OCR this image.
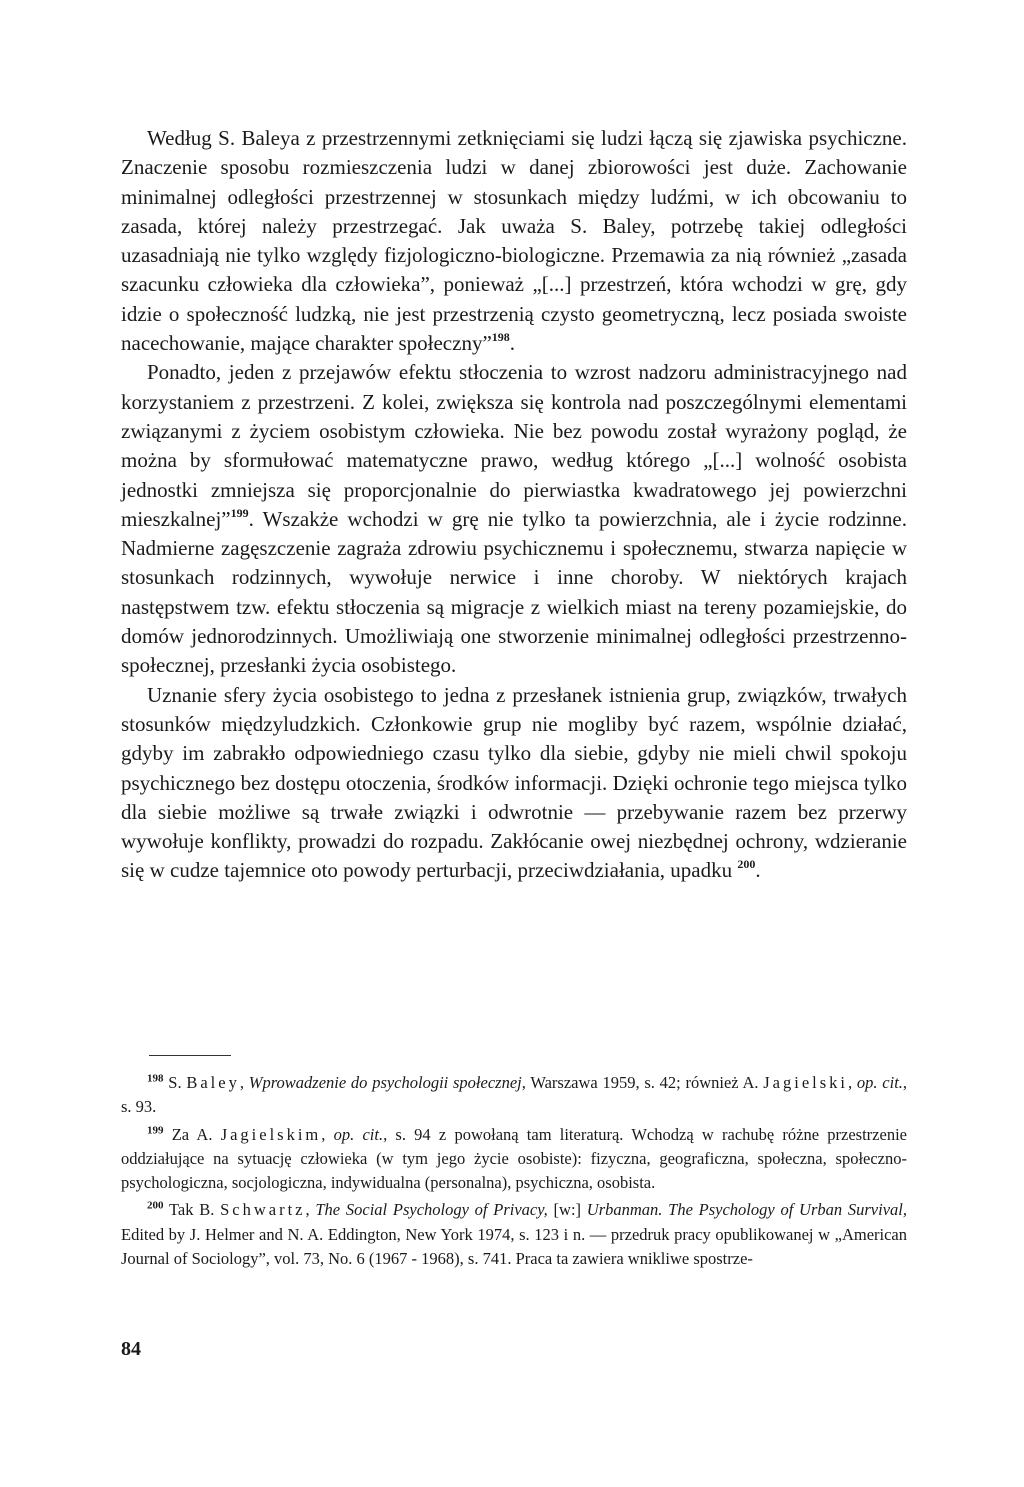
Według S. Baleya z przestrzennymi zetknięciami się ludzi łączą się zjawiska psychiczne. Znaczenie sposobu rozmieszczenia ludzi w danej zbiorowości jest duże. Zachowanie minimalnej odległości przestrzennej w stosunkach między ludźmi, w ich obcowaniu to zasada, której należy przestrzegać. Jak uważa S. Baley, potrzebę takiej odległości uzasadniają nie tylko względy fizjologiczno-biologiczne. Przemawia za nią również „zasada szacunku człowieka dla człowieka”, ponieważ „[...] przestrzeń, która wchodzi w grę, gdy idzie o społeczność ludzką, nie jest przestrzenią czysto geometryczną, lecz posiada swoiste nacechowanie, mające charakter społeczny”$^{198}$.

Ponadto, jeden z przejawów efektu stłoczenia to wzrost nadzoru administracyjnego nad korzystaniem z przestrzeni. Z kolei, zwiększa się kontrola nad poszczególnymi elementami związanymi z życiem osobistym człowieka. Nie bez powodu został wyrażony pogląd, że można by sformułować matematyczne prawo, według którego „[...] wolność osobista jednostki zmniejsza się proporcjonalnie do pierwiastka kwadratowego jej powierzchni mieszkalnej”$^{199}$. Wszakże wchodzi w grę nie tylko ta powierzchnia, ale i życie rodzinne. Nadmierne zagęszczenie zagraża zdrowiu psychicznemu i społecznemu, stwarza napięcie w stosunkach rodzinnych, wywołuje nerwice i inne choroby. W niektórych krajach następstwem tzw. efektu stłoczenia są migracje z wielkich miast na tereny pozamiejskie, do domów jednorodzinnych. Umożliwiają one stworzenie minimalnej odległości przestrzenno-społecznej, przesłanki życia osobistego.

Uznanie sfery życia osobistego to jedna z przesłanek istnienia grup, związków, trwałych stosunków międzyludzkich. Członkowie grup nie mogliby być razem, wspólnie działać, gdyby im zabrakło odpowiedniego czasu tylko dla siebie, gdyby nie mieli chwil spokoju psychicznego bez dostępu otoczenia, środków informacji. Dzięki ochronie tego miejsca tylko dla siebie możliwe są trwałe związki i odwrotnie — przebywanie razem bez przerwy wywołuje konflikty, prowadzi do rozpadu. Zakłócanie owej niezbędnej ochrony, wdzieranie się w cudze tajemnice oto powody perturbacji, przeciwdziałania, upadku $^{200}$.

$^{198}$ S. Baley, Wprowadzenie do psychologii społecznej, Warszawa 1959, s. 42; również A. Jagielski, op. cit., s. 93.

$^{199}$ Za A. Jagielskim, op. cit., s. 94 z powołaną tam literaturą. Wchodzą w rachubę różne przestrzenie oddziałujące na sytuację człowieka (w tym jego życie osobiste): fizyczna, geograficzna, społeczna, społeczno-psychologiczna, socjologiczna, indywidualna (personalna), psychiczna, osobista.

$^{200}$ Tak B. Schwartz, The Social Psychology of Privacy, [w:] Urbanman. The Psychology of Urban Survival, Edited by J. Helmer and N. A. Eddington, New York 1974, s. 123 i n. — przedruk pracy opublikowanej w „American Journal of Sociology”, vol. 73, No. 6 (1967 - 1968), s. 741. Praca ta zawiera wnikliwe spostrze-

84
